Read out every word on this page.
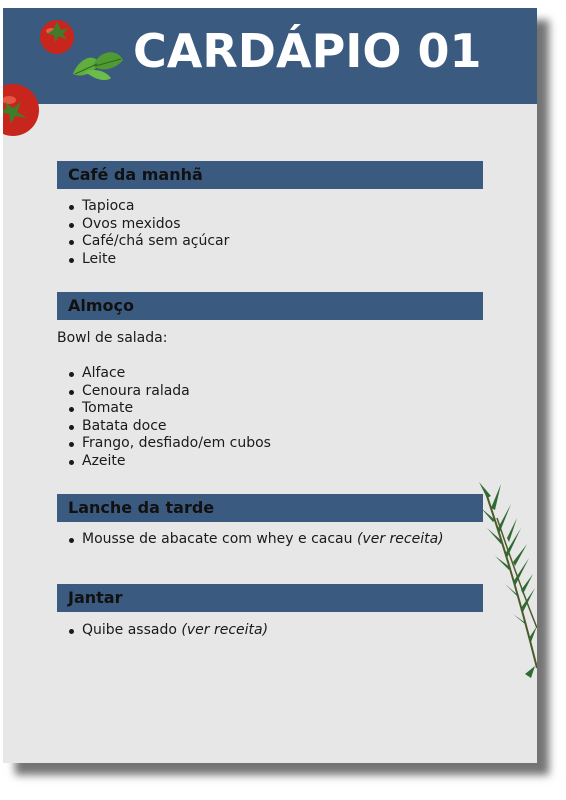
CARDÁPIO 01
Café da manhã
Tapioca
Ovos mexidos
Café/chá sem açúcar
Leite
Almoço
Bowl de salada:
Alface
Cenoura ralada
Tomate
Batata doce
Frango, desfiado/em cubos
Azeite
Lanche da tarde
Mousse de abacate com whey e cacau (ver receita)
Jantar
Quibe assado (ver receita)
